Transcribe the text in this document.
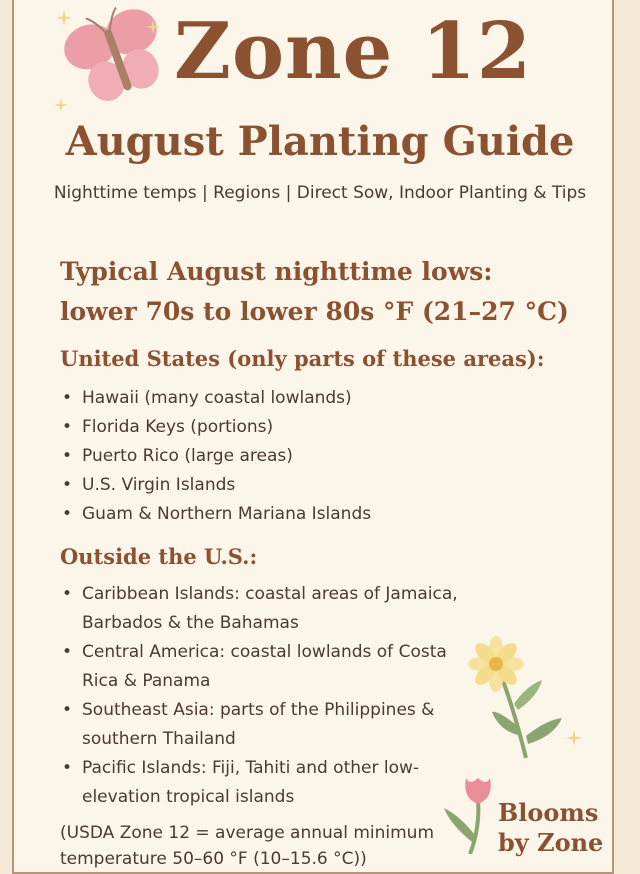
Zone 12
August Planting Guide
Nighttime temps | Regions | Direct Sow, Indoor Planting & Tips
Typical August nighttime lows:
lower 70s to lower 80s °F (21–27 °C)
United States (only parts of these areas):
• Hawaii (many coastal lowlands)
• Florida Keys (portions)
• Puerto Rico (large areas)
• U.S. Virgin Islands
• Guam & Northern Mariana Islands
Outside the U.S.:
• Caribbean Islands: coastal areas of Jamaica, Barbados & the Bahamas
• Central America: coastal lowlands of Costa Rica & Panama
• Southeast Asia: parts of the Philippines & southern Thailand
• Pacific Islands: Fiji, Tahiti and other low-elevation tropical islands
(USDA Zone 12 = average annual minimum temperature 50–60 °F (10–15.6 °C))
Blooms
by Zone
